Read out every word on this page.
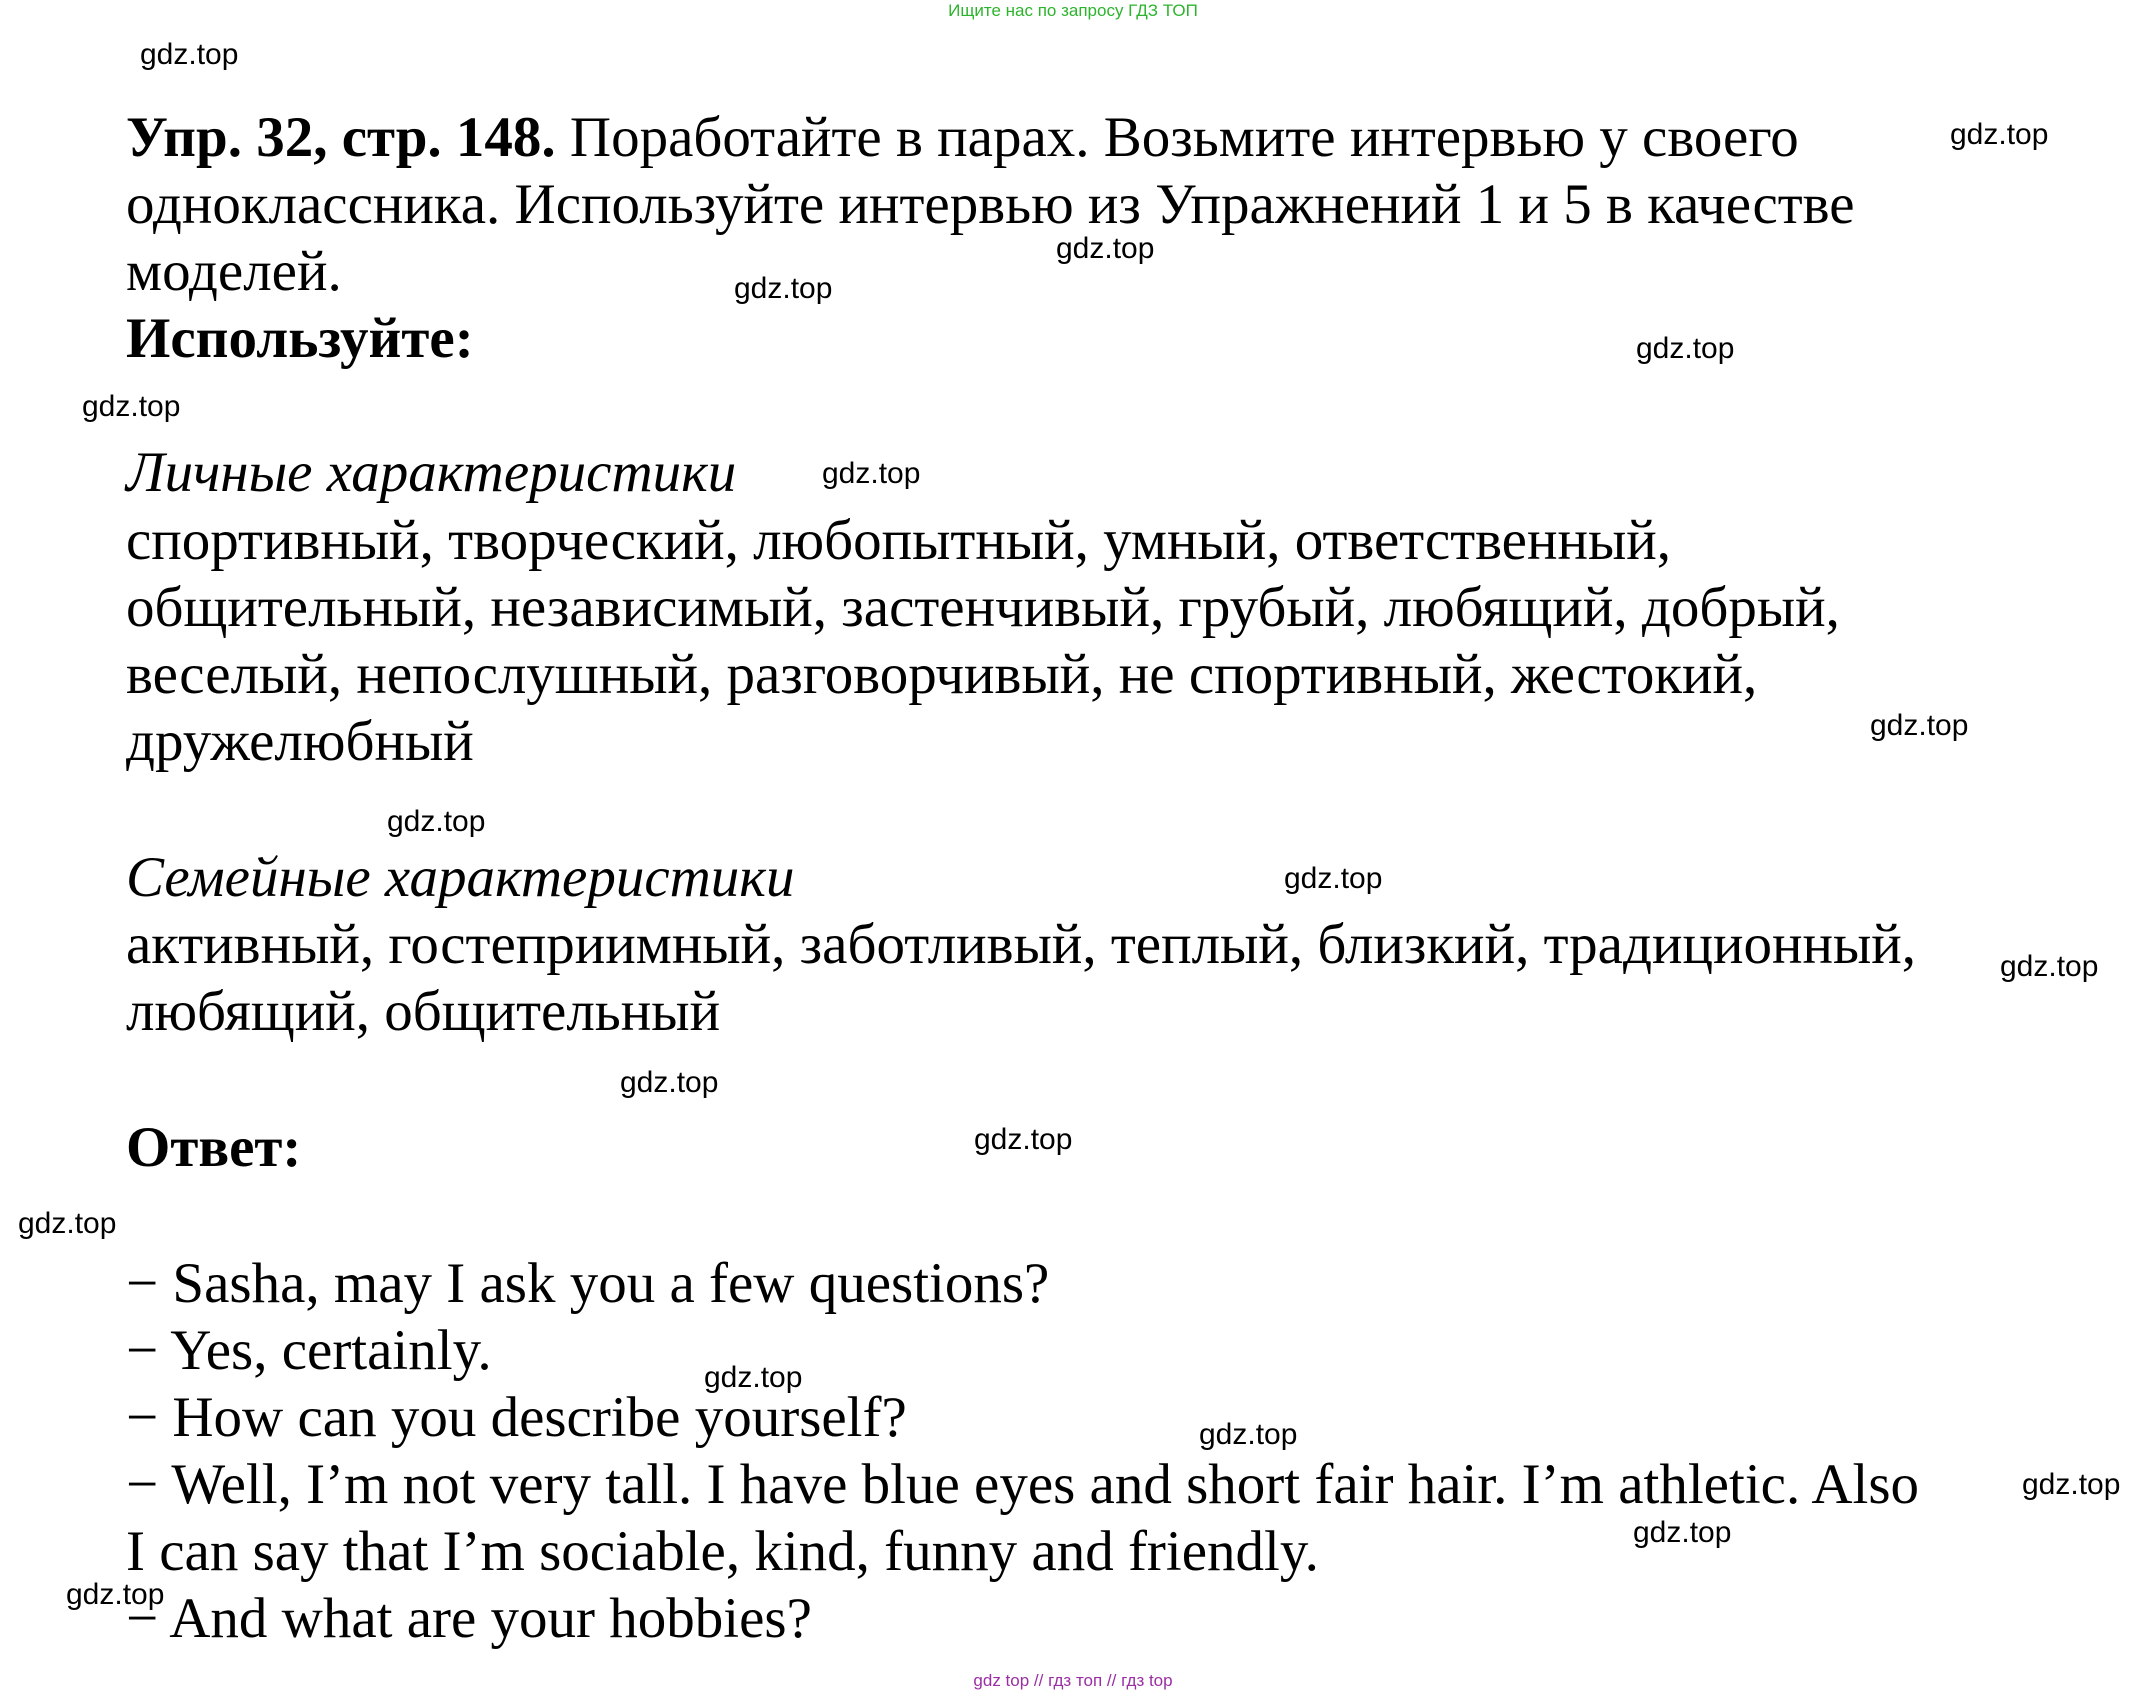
Ищите нас по запросу ГДЗ ТОП
gdz.top
gdz.top
gdz.top
gdz.top
gdz.top
gdz.top
gdz.top
gdz.top
gdz.top
gdz.top
gdz.top
gdz.top
gdz.top
gdz.top
gdz.top
gdz.top
gdz.top
gdz.top
gdz.top
Упр. 32, стр. 148. Поработайте в парах. Возьмите интервью у своего
одноклассника. Используйте интервью из Упражнений 1 и 5 в качестве
моделей.
Используйте:
Личные характеристики
спортивный, творческий, любопытный, умный, ответственный,
общительный, независимый, застенчивый, грубый, любящий, добрый,
веселый, непослушный, разговорчивый, не спортивный, жестокий,
дружелюбный
Семейные характеристики
активный, гостеприимный, заботливый, теплый, близкий, традиционный,
любящий, общительный
Ответ:
− Sasha, may I ask you a few questions?
− Yes, certainly.
− How can you describe yourself?
− Well, I’m not very tall. I have blue eyes and short fair hair. I’m athletic. Also
I can say that I’m sociable, kind, funny and friendly.
− And what are your hobbies?
gdz top // гдз топ // гдз top
